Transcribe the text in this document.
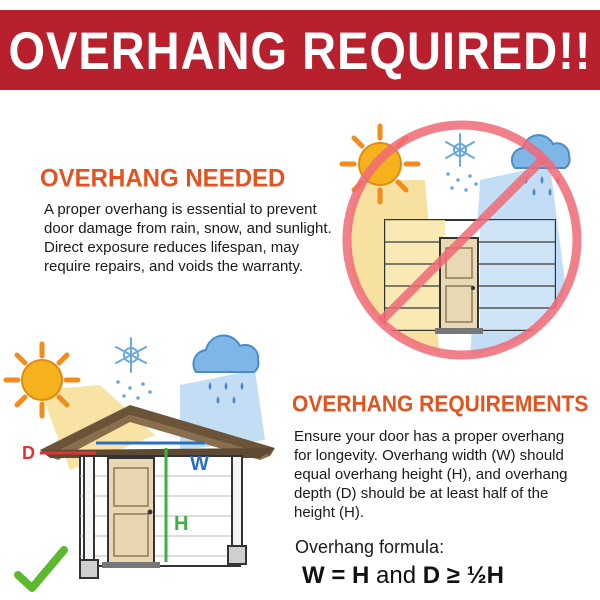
OVERHANG REQUIRED!!
OVERHANG NEEDED
A proper overhang is essential to prevent door damage from rain, snow, and sunlight. Direct exposure reduces lifespan, may require repairs, and voids the warranty.
D	W
H
OVERHANG REQUIREMENTS
Ensure your door has a proper overhang for longevity. Overhang width (W) should equal overhang height (H), and overhang depth (D) should be at least half of the height (H).
Overhang formula:
W = H and D ≥ ½H
